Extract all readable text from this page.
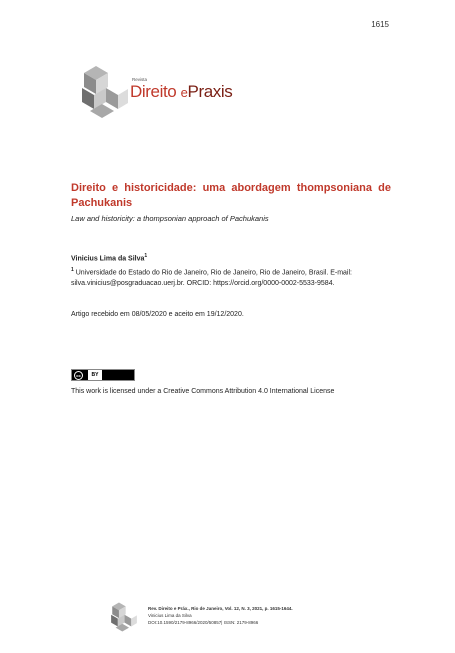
1615
Revista
Direito ePraxis
Direito e historicidade: uma abordagem thompsoniana de Pachukanis
Law and historicity: a thompsonian approach of Pachukanis
Vinicius Lima da Silva$^1$
$^1$ Universidade do Estado do Rio de Janeiro, Rio de Janeiro, Rio de Janeiro, Brasil. E-mail: silva.vinicius@posgraduacao.uerj.br. ORCID: https://orcid.org/0000-0002-5533-9584.
Artigo recebido em 08/05/2020 e aceito em 19/12/2020.
cc	BY
This work is licensed under a Creative Commons Attribution 4.0 International License
Rev. Direito e Práx., Rio de Janeiro, Vol. 12, N. 3, 2021, p. 1615-1644.
Vinicius Lima da Silva
DOI:10.1590/2179-8966/2020/50857| ISSN: 2179-8966
